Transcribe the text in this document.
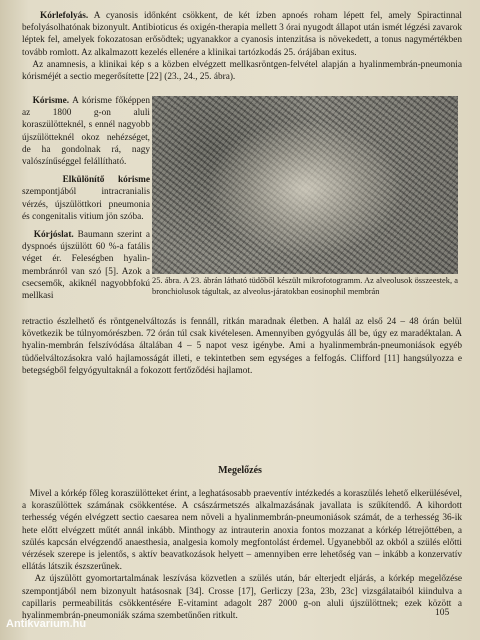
Kórlefolyás. A cyanosis időnként csökkent, de két ízben apnoés roham lépett fel, amely Spiractinnal befolyásolhatónak bizonyult. Antibioticus és oxigén-therapia mellett 3 órai nyugodt állapot után ismét légzési zavarok léptek fel, amelyek fokozatosan erősödtek; ugyanakkor a cyanosis intenzitása is növekedett, a tonus nagymértékben tovább romlott. Az alkalmazott kezelés ellenére a klinikai tartózkodás 25. órájában exitus.

Az anamnesis, a klinikai kép s a közben elvégzett mellkasröntgen-felvétel alapján a hyalinmembrán-pneumonia kórisméjét a sectio megerősítette [22] (23., 24., 25. ábra).

Kórisme. A kórisme főképpen az 1800 g-on aluli koraszülötteknél, s ennél nagyobb újszülötteknél okoz nehézséget, de ha gondolnak rá, nagy valószínűséggel felállítható.

Elkülönítő kórisme szempontjából intracranialis vérzés, újszülöttkori pneumonia és congenitalis vitium jön szóba.

Kórjóslat. Baumann szerint a dyspnoés újszülött 60 %-a fatális véget ér. Feleségben hyalin-membránról van szó [5]. Azok a csecsemők, akiknél nagyobbfokú mellkasi

25. ábra. A 23. ábrán látható tüdőből készült mikrofotogramm. Az alveolusok összeestek, a bronchiolusok tágultak, az alveolus-járatokban eosinophil membrán

retractio észlelhető és röntgenelváltozás is fennáll, ritkán maradnak életben. A halál az első 24 – 48 órán belül következik be túlnyomórészben. 72 órán túl csak kivételesen. Amennyiben gyógyulás áll be, úgy ez maradéktalan. A hyalin-membrán felszívódása általában 4 – 5 napot vesz igénybe. Ami a hyalinmembrán-pneumoniások egyéb tüdőelváltozásokra való hajlamosságát illeti, e tekintetben sem egységes a felfogás. Clifford [11] hangsúlyozza e betegségből felgyógyultaknál a fokozott fertőződési hajlamot.

Megelőzés

Mivel a kórkép főleg koraszülötteket érint, a leghatásosabb praeventív intézkedés a koraszülés lehető elkerülésével, a koraszülöttek számának csökkentése. A császármetszés alkalmazásának javallata is szűkítendő. A kihordott terhesség végén elvégzett sectio caesarea nem növeli a hyalinmembrán-pneumoniások számát, de a terhesség 36-ik hete előtt elvégzett műtét annál inkább. Minthogy az intrauterin anoxia fontos mozzanat a kórkép létrejöttében, a szülés kapcsán elvégzendő anaesthesia, analgesia komoly megfontolást érdemel. Ugyanebből az okból a szülés előtti vérzések szerepe is jelentős, s aktív beavatkozások helyett – amennyiben erre lehetőség van – inkább a konzervatív ellátás látszik észszerűnek.

Az újszülött gyomortartalmának leszívása közvetlen a szülés után, bár elterjedt eljárás, a kórkép megelőzése szempontjából nem bizonyult hatásosnak [34]. Crosse [17], Gerliczy [23a, 23b, 23c] vizsgálataiból kiindulva a capillaris permeabilitás csökkentésére E-vitamint adagolt 287 2000 g-on aluli újszülöttnek; ezek között a hyalinmembrán-pneumoniák száma szembetűnően ritkult.	105
Antikvarium.hu
